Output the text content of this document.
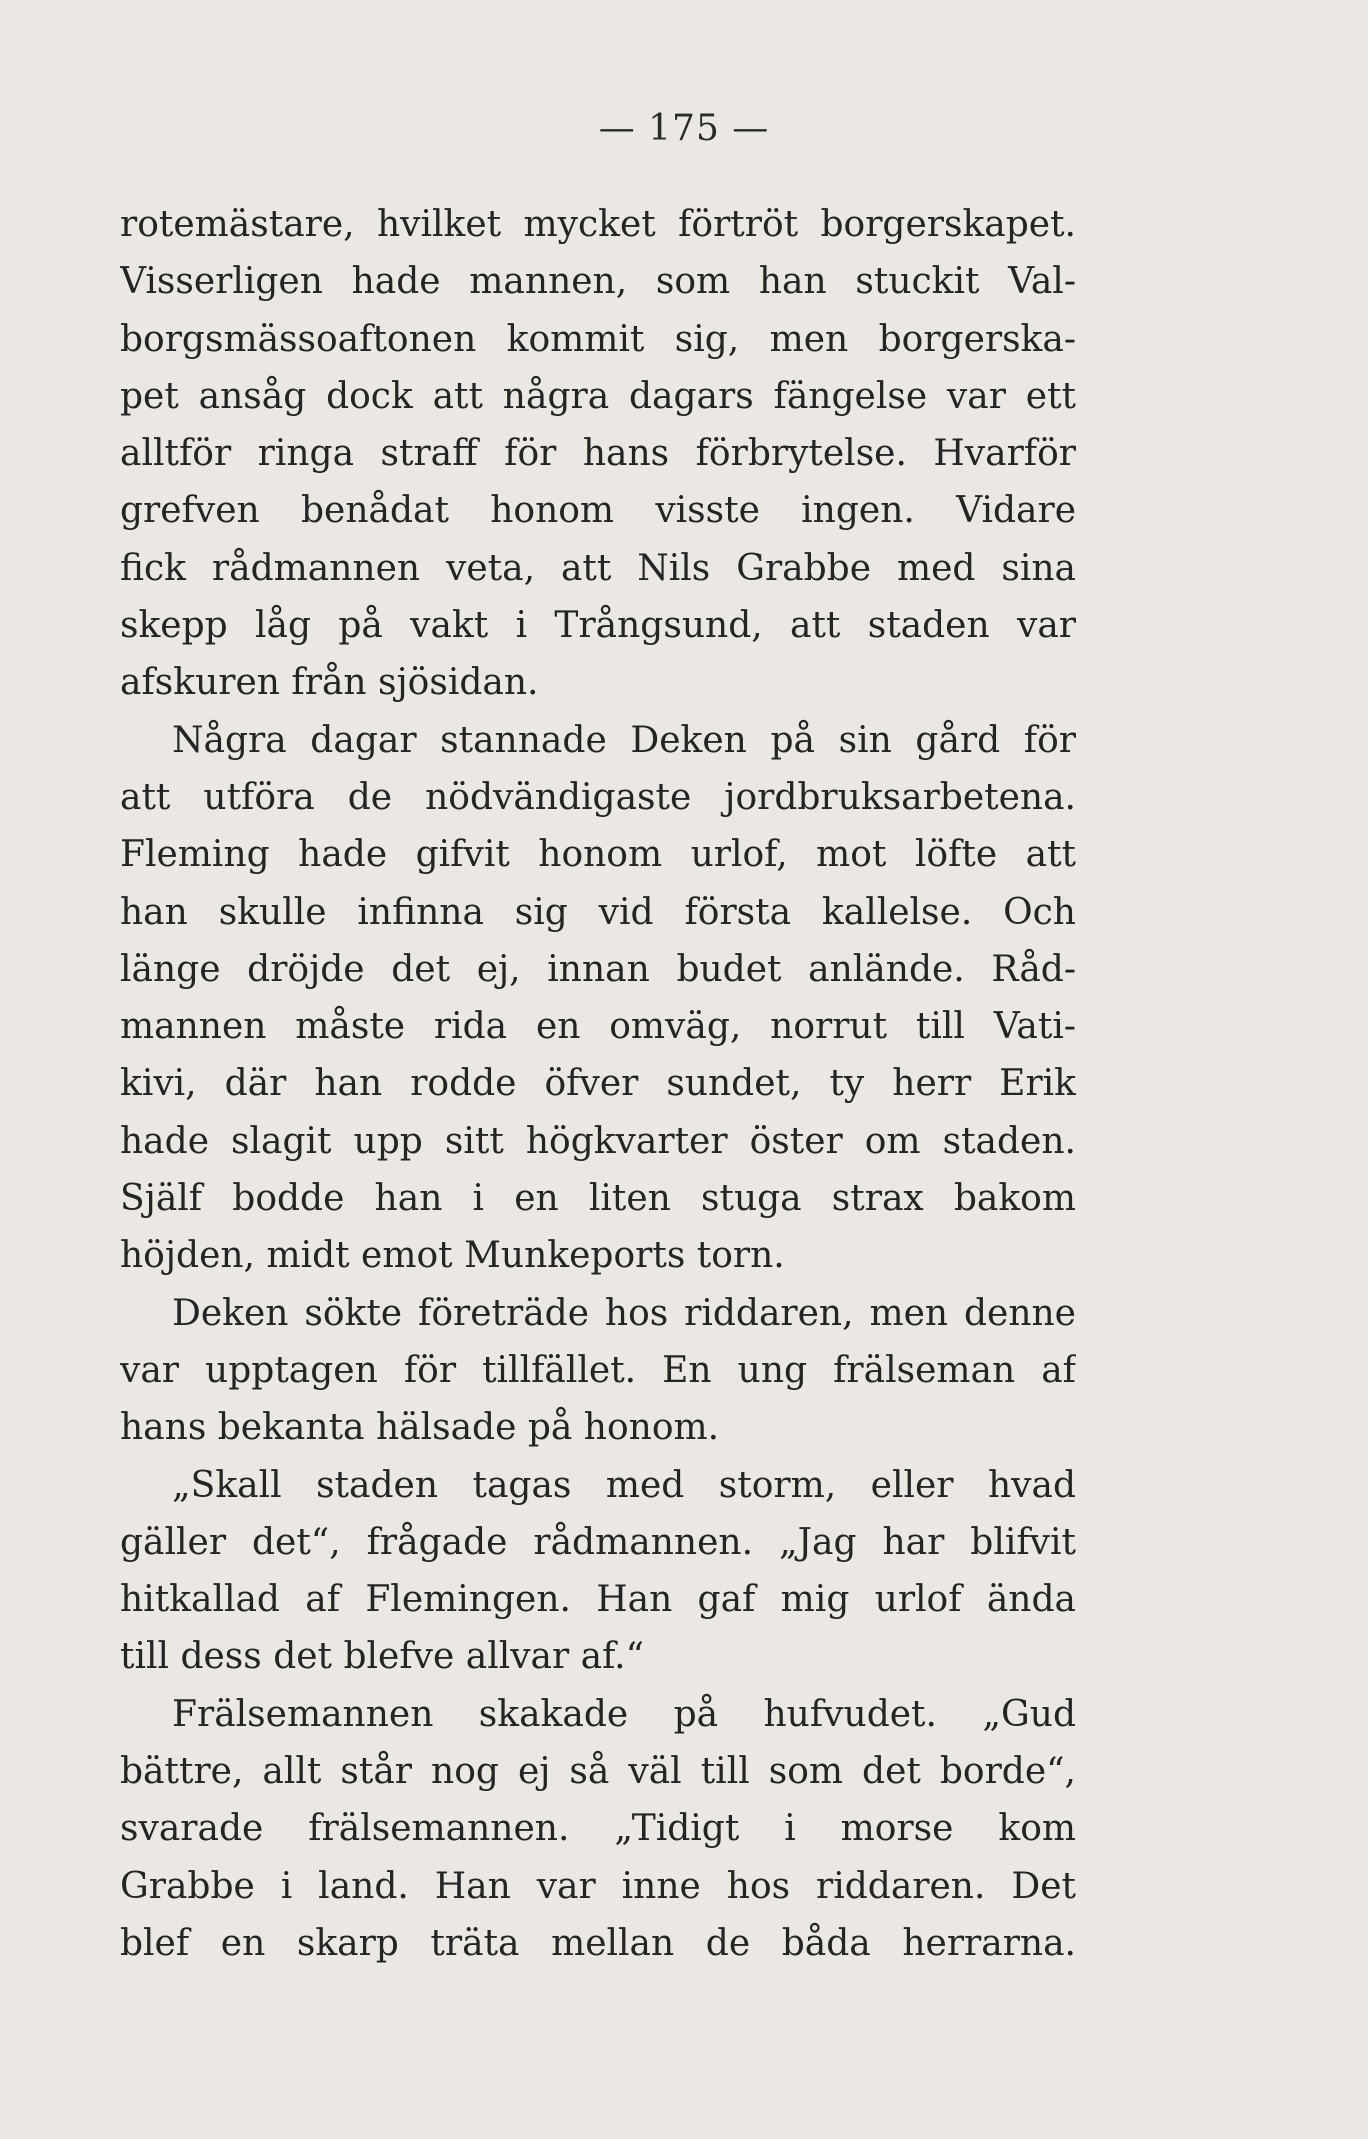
— 175 —
rotemästare, hvilket mycket förtröt borgerskapet.
Visserligen hade mannen, som han stuckit Val-
borgsmässoaftonen kommit sig, men borgerska-
pet ansåg dock att några dagars fängelse var ett
alltför ringa straff för hans förbrytelse. Hvarför
grefven benådat honom visste ingen. Vidare
fick rådmannen veta, att Nils Grabbe med sina
skepp låg på vakt i Trångsund, att staden var
afskuren från sjösidan.
Några dagar stannade Deken på sin gård för
att utföra de nödvändigaste jordbruksarbetena.
Fleming hade gifvit honom urlof, mot löfte att
han skulle infinna sig vid första kallelse. Och
länge dröjde det ej, innan budet anlände. Råd-
mannen måste rida en omväg, norrut till Vati-
kivi, där han rodde öfver sundet, ty herr Erik
hade slagit upp sitt högkvarter öster om staden.
Själf bodde han i en liten stuga strax bakom
höjden, midt emot Munkeports torn.
Deken sökte företräde hos riddaren, men denne
var upptagen för tillfället. En ung frälseman af
hans bekanta hälsade på honom.
„Skall staden tagas med storm, eller hvad
gäller det“, frågade rådmannen. „Jag har blifvit
hitkallad af Flemingen. Han gaf mig urlof ända
till dess det blefve allvar af.“
Frälsemannen skakade på hufvudet. „Gud
bättre, allt står nog ej så väl till som det borde“,
svarade frälsemannen. „Tidigt i morse kom
Grabbe i land. Han var inne hos riddaren. Det
blef en skarp träta mellan de båda herrarna.
